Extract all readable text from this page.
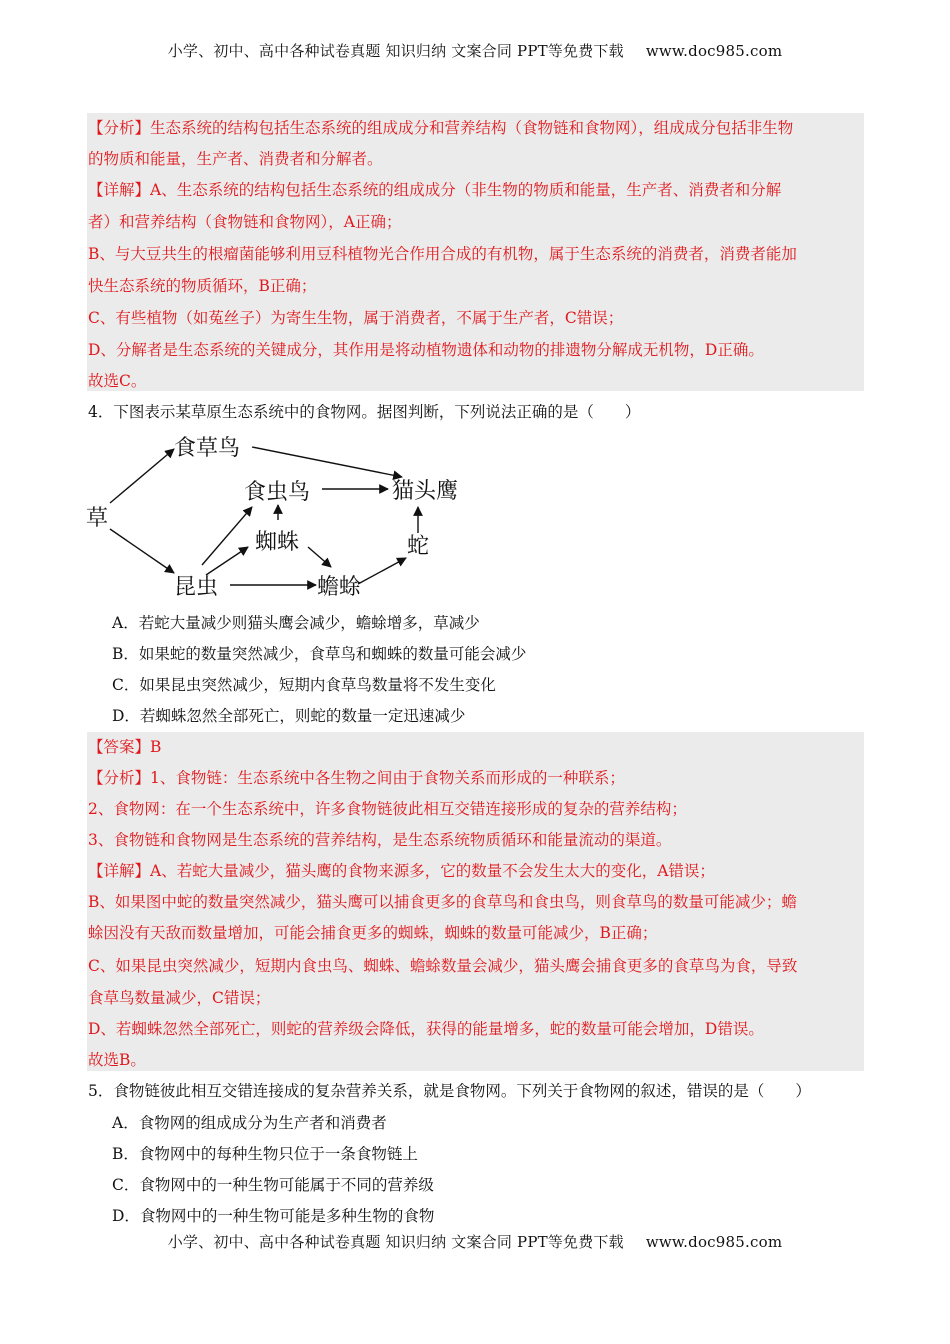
小学、初中、高中各种试卷真题 知识归纳 文案合同 PPT等免费下载 www.doc985.com
【分析】生态系统的结构包括生态系统的组成成分和营养结构（食物链和食物网），组成成分包括非生物
的物质和能量，生产者、消费者和分解者。
【详解】A、生态系统的结构包括生态系统的组成成分（非生物的物质和能量，生产者、消费者和分解
者）和营养结构（食物链和食物网），A正确；
B、与大豆共生的根瘤菌能够利用豆科植物光合作用合成的有机物，属于生态系统的消费者，消费者能加
快生态系统的物质循环，B正确；
C、有些植物（如菟丝子）为寄生生物，属于消费者，不属于生产者，C错误；
D、分解者是生态系统的关键成分，其作用是将动植物遗体和动物的排遗物分解成无机物，D正确。
故选C。
4．下图表示某草原生态系统中的食物网。据图判断，下列说法正确的是（　　）
草
食草鸟
食虫鸟	猫头鹰
蜘蛛	蛇
昆虫	蟾蜍
A．若蛇大量减少则猫头鹰会减少，蟾蜍增多，草减少
B．如果蛇的数量突然减少，食草鸟和蜘蛛的数量可能会减少
C．如果昆虫突然减少，短期内食草鸟数量将不发生变化
D．若蜘蛛忽然全部死亡，则蛇的数量一定迅速减少
【答案】B
【分析】1、食物链：生态系统中各生物之间由于食物关系而形成的一种联系；
2、食物网：在一个生态系统中，许多食物链彼此相互交错连接形成的复杂的营养结构；
3、食物链和食物网是生态系统的营养结构，是生态系统物质循环和能量流动的渠道。
【详解】A、若蛇大量减少，猫头鹰的食物来源多，它的数量不会发生太大的变化，A错误；
B、如果图中蛇的数量突然减少，猫头鹰可以捕食更多的食草鸟和食虫鸟，则食草鸟的数量可能减少；蟾
蜍因没有天敌而数量增加，可能会捕食更多的蜘蛛，蜘蛛的数量可能减少，B正确；
C、如果昆虫突然减少，短期内食虫鸟、蜘蛛、蟾蜍数量会减少，猫头鹰会捕食更多的食草鸟为食，导致
食草鸟数量减少，C错误；
D、若蜘蛛忽然全部死亡，则蛇的营养级会降低，获得的能量增多，蛇的数量可能会增加，D错误。
故选B。
5．食物链彼此相互交错连接成的复杂营养关系，就是食物网。下列关于食物网的叙述，错误的是（　　）
A．食物网的组成成分为生产者和消费者
B．食物网中的每种生物只位于一条食物链上
C．食物网中的一种生物可能属于不同的营养级
D．食物网中的一种生物可能是多种生物的食物
小学、初中、高中各种试卷真题 知识归纳 文案合同 PPT等免费下载 www.doc985.com
